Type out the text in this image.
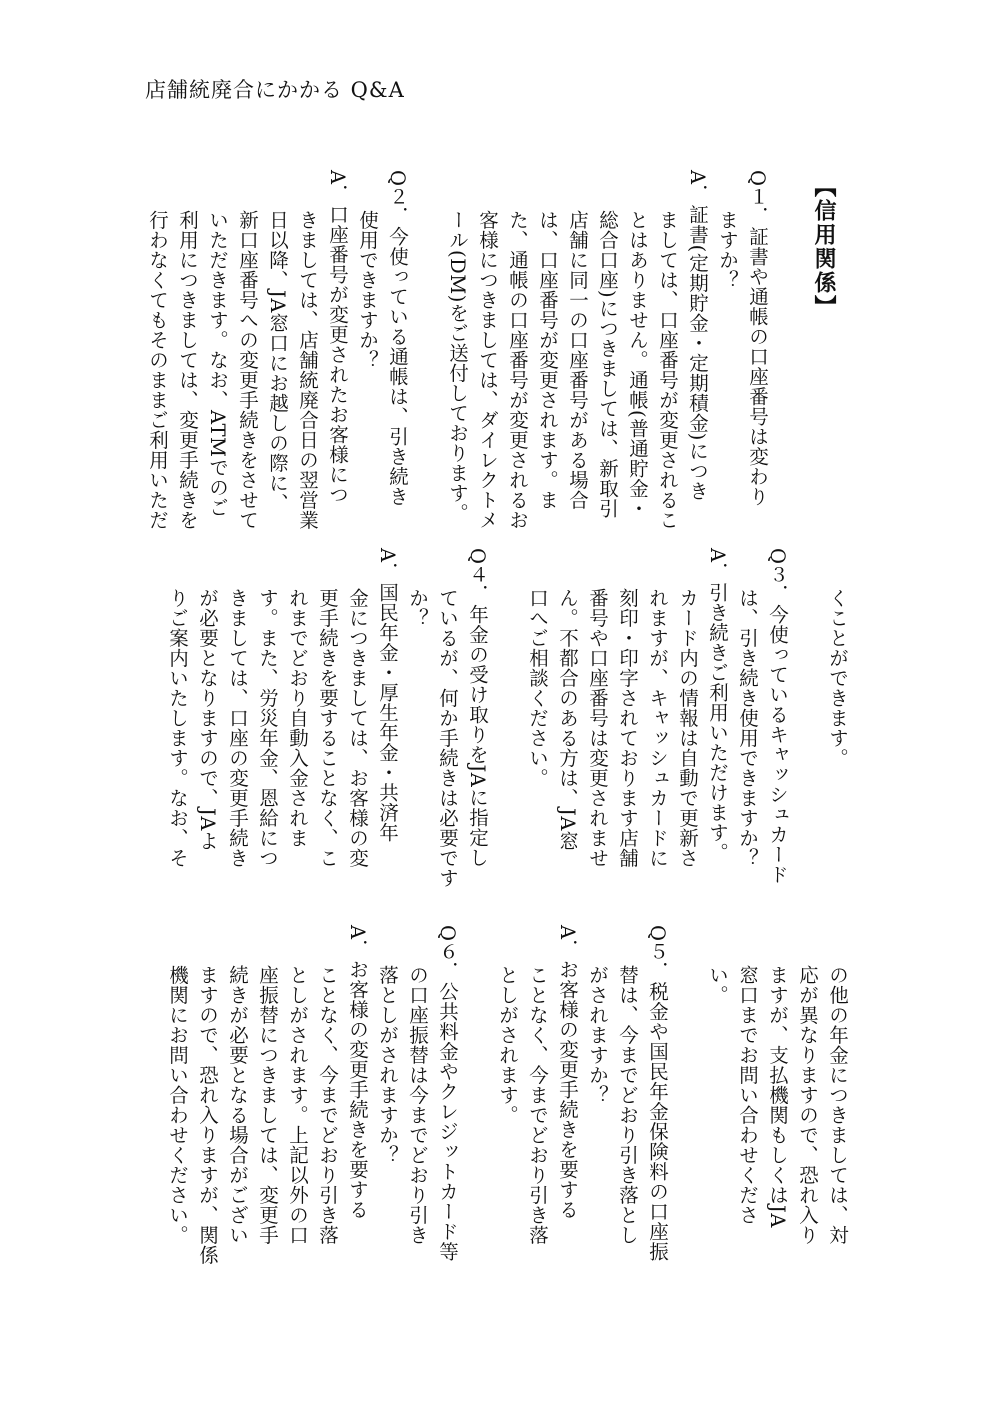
店舗統廃合にかかる Q&A
【信用関係】
Q１．証書や通帳の口座番号は変わり
　　ますか？
A．証書(定期貯金・定期積金)につき
　　ましては、口座番号が変更されるこ
　　とはありません。通帳(普通貯金・
　　総合口座)につきましては、新取引
　　店舗に同一の口座番号がある場合
　　は、口座番号が変更されます。ま
　　た、通帳の口座番号が変更されるお
　　客様につきましては、ダイレクトメ
　　ール(DM)をご送付しております。

Q２．今使っている通帳は、引き続き
　　使用できますか？
A．口座番号が変更されたお客様につ
　　きましては、店舗統廃合日の翌営業
　　日以降、JA窓口にお越しの際に、
　　新口座番号への変更手続きをさせて
　　いただきます。なお、ATMでのご
　　利用につきましては、変更手続きを
　　行わなくてもそのままご利用いただ
　　くことができます。

Q３．今使っているキャッシュカード
　　は、引き続き使用できますか？
A．引き続きご利用いただけます。
　　カード内の情報は自動で更新さ
　　れますが、キャッシュカードに
　　刻印・印字されております店舗
　　番号や口座番号は変更されませ
　　ん。不都合のある方は、JA窓
　　口へご相談ください。

Q４．年金の受け取りをJAに指定し
　　ているが、何か手続きは必要です
　　か？
A．国民年金・厚生年金・共済年
　　金につきましては、お客様の変
　　更手続きを要することなく、こ
　　れまでどおり自動入金されま
　　す。また、労災年金、恩給につ
　　きましては、口座の変更手続き
　　が必要となりますので、JAよ
　　りご案内いたします。なお、そ
　　の他の年金につきましては、対
　　応が異なりますので、恐れ入り
　　ますが、支払機関もしくはJA
　　窓口までお問い合わせくださ
　　い。

Q５．税金や国民年金保険料の口座振
　　替は、今までどおり引き落とし
　　がされますか？
A．お客様の変更手続きを要する
　　ことなく、今までどおり引き落
　　としがされます。

Q６．公共料金やクレジットカード等
　　の口座振替は今までどおり引き
　　落としがされますか？
A．お客様の変更手続きを要する
　　ことなく、今までどおり引き落
　　としがされます。上記以外の口
　　座振替につきましては、変更手
　　続きが必要となる場合がござい
　　ますので、恐れ入りますが、関係
　　機関にお問い合わせください。
